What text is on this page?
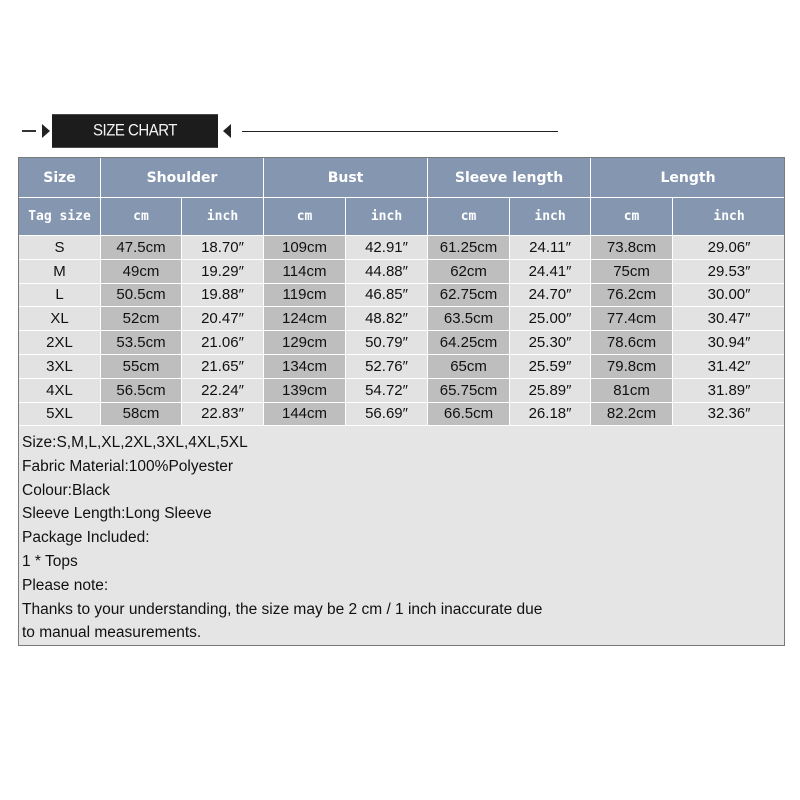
SIZE CHART
Size	Shoulder		Bust		Sleeve length		Length	
Tag size	cm	inch	cm	inch	cm	inch	cm	inch
S	47.5cm	18.70″	109cm	42.91″	61.25cm	24.11″	73.8cm	29.06″
M	49cm	19.29″	114cm	44.88″	62cm	24.41″	75cm	29.53″
L	50.5cm	19.88″	119cm	46.85″	62.75cm	24.70″	76.2cm	30.00″
XL	52cm	20.47″	124cm	48.82″	63.5cm	25.00″	77.4cm	30.47″
2XL	53.5cm	21.06″	129cm	50.79″	64.25cm	25.30″	78.6cm	30.94″
3XL	55cm	21.65″	134cm	52.76″	65cm	25.59″	79.8cm	31.42″
4XL	56.5cm	22.24″	139cm	54.72″	65.75cm	25.89″	81cm	31.89″
5XL	58cm	22.83″	144cm	56.69″	66.5cm	26.18″	82.2cm	32.36″
Size:S,M,L,XL,2XL,3XL,4XL,5XL
Fabric Material:100%Polyester
Colour:Black
Sleeve Length:Long Sleeve
Package Included:
1 * Tops
Please note:
Thanks to your understanding, the size may be 2 cm / 1 inch inaccurate due
to manual measurements.
